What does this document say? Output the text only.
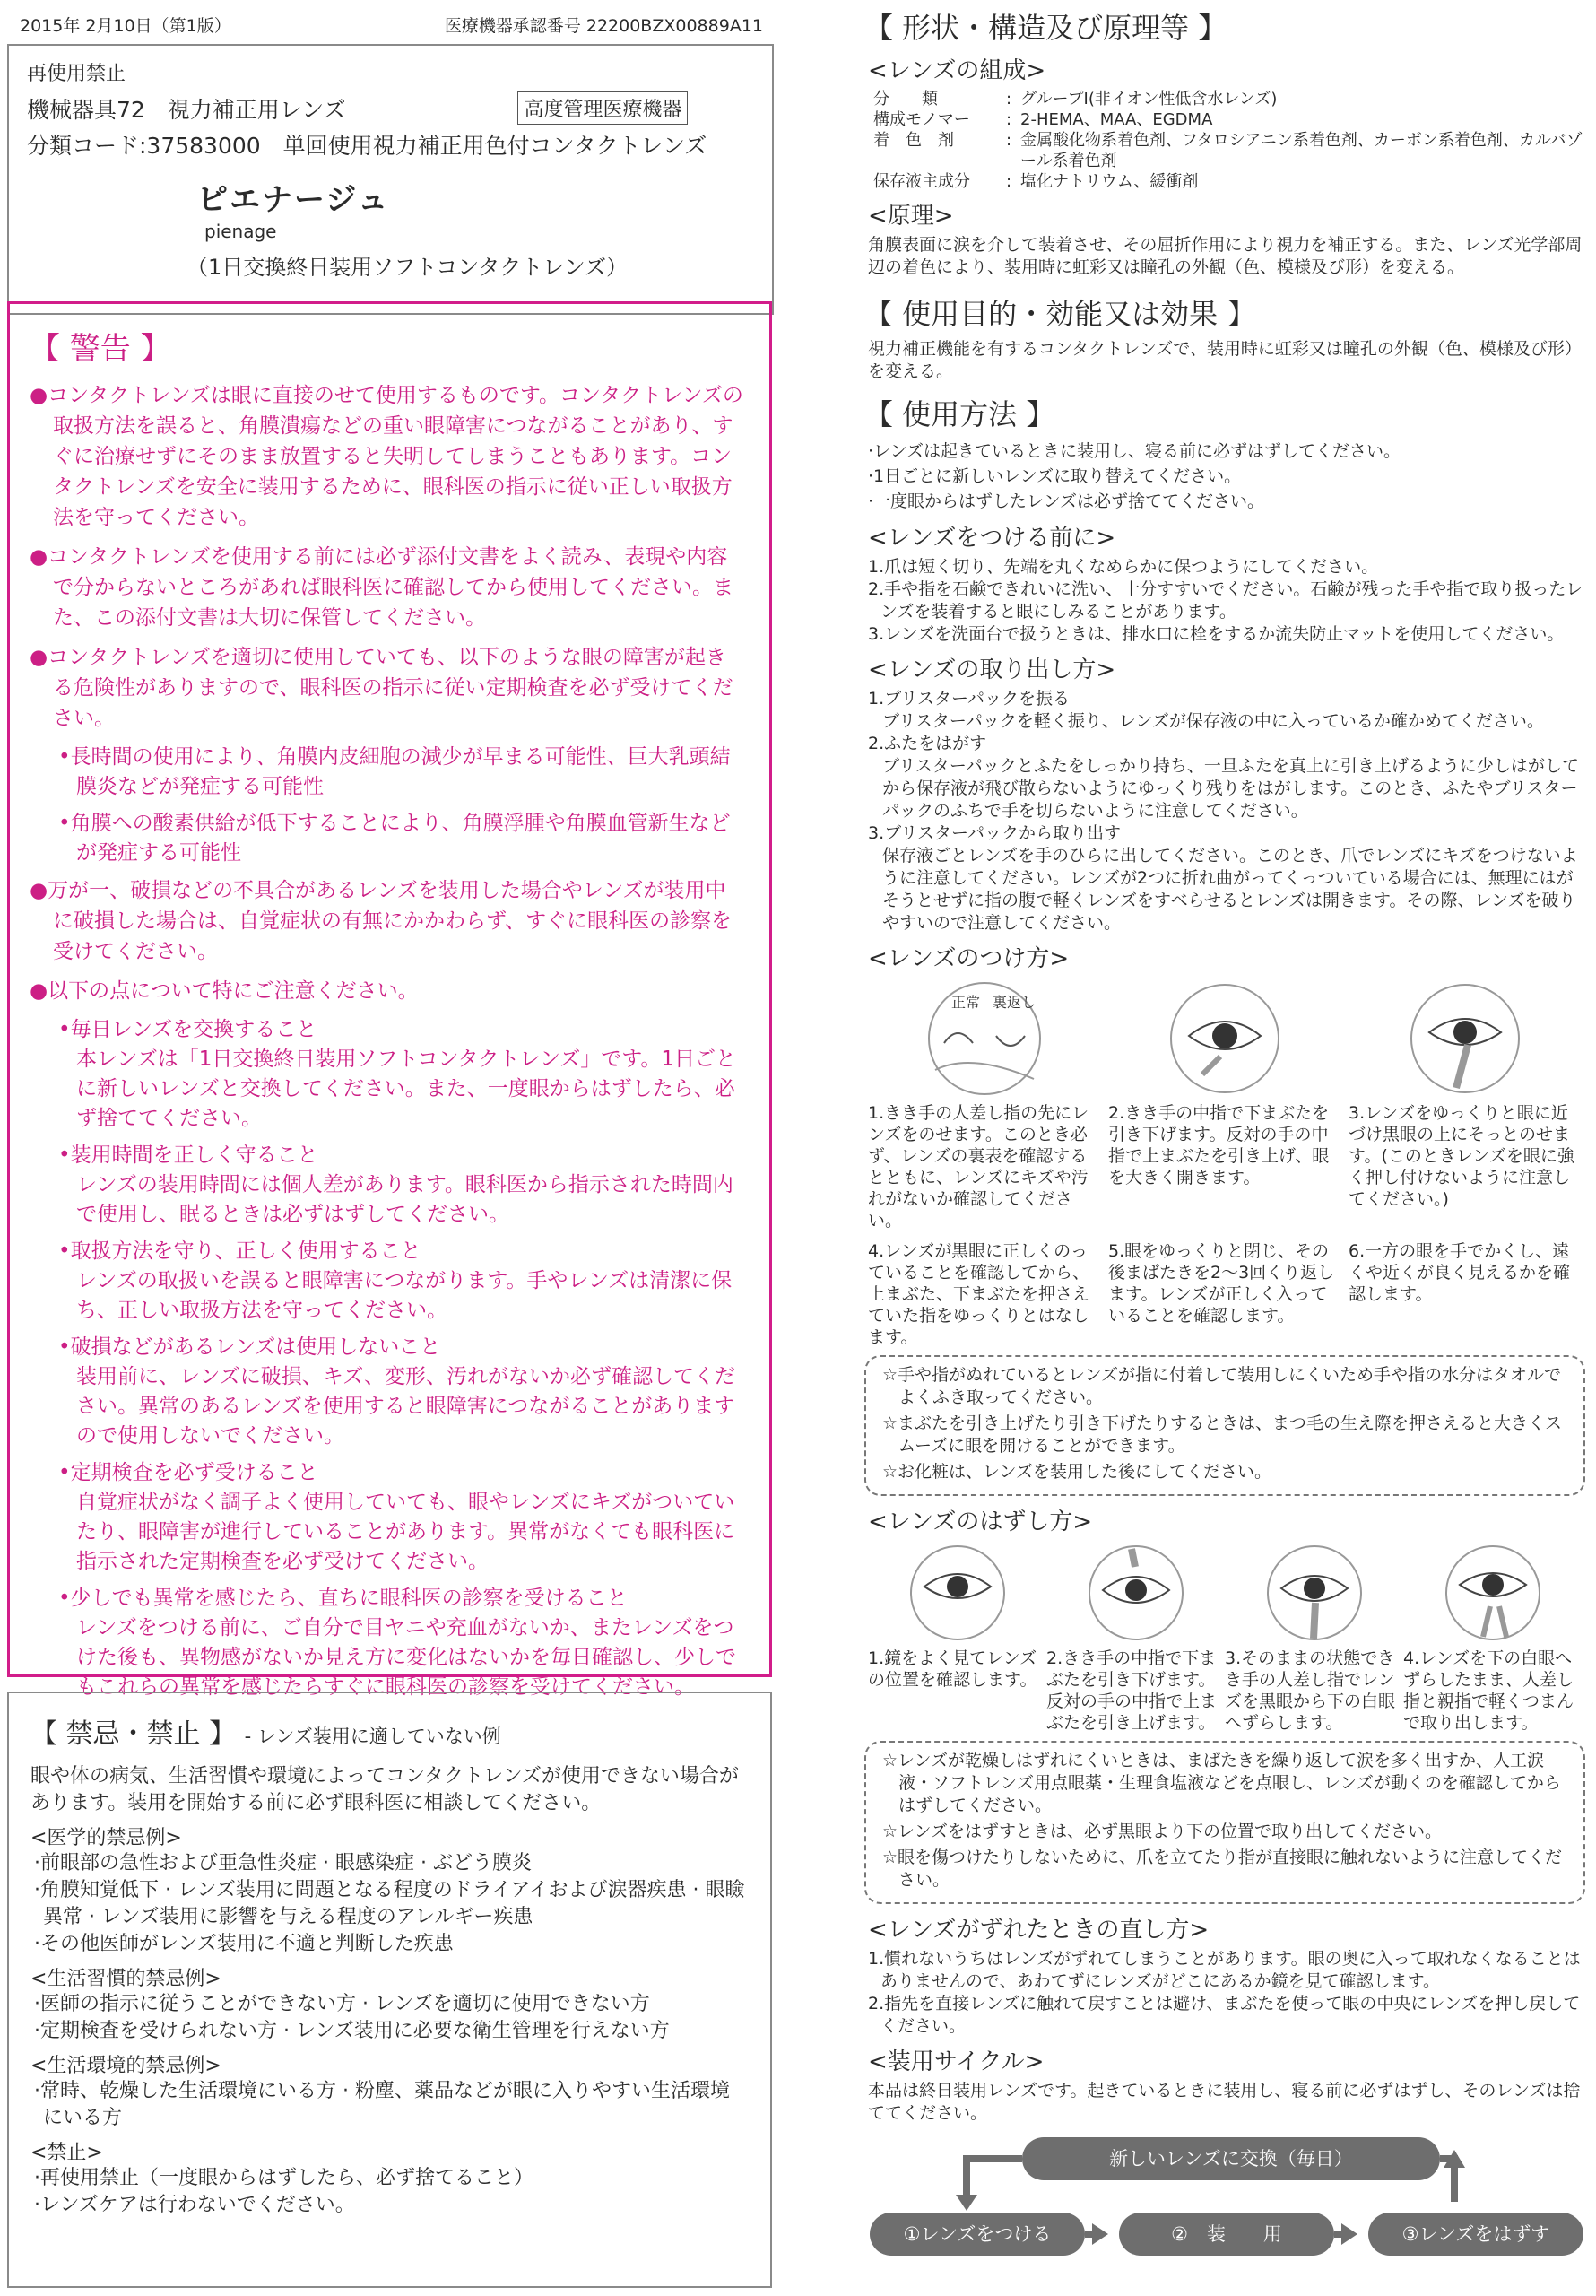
2015年 2月10日（第1版）	医療機器承認番号 22200BZX00889A11
再使用禁止
機械器具72　視力補正用レンズ	高度管理医療機器
分類コード:37583000　単回使用視力補正用色付コンタクトレンズ
ピエナージュ
pienage
（1日交換終日装用ソフトコンタクトレンズ）
【 警告 】
●コンタクトレンズは眼に直接のせて使用するものです。コンタクトレンズの取扱方法を誤ると、角膜潰瘍などの重い眼障害につながることがあり、すぐに治療せずにそのまま放置すると失明してしまうこともあります。コンタクトレンズを安全に装用するために、眼科医の指示に従い正しい取扱方法を守ってください。
●コンタクトレンズを使用する前には必ず添付文書をよく読み、表現や内容で分からないところがあれば眼科医に確認してから使用してください。また、この添付文書は大切に保管してください。
●コンタクトレンズを適切に使用していても、以下のような眼の障害が起きる危険性がありますので、眼科医の指示に従い定期検査を必ず受けてください。
•長時間の使用により、角膜内皮細胞の減少が早まる可能性、巨大乳頭結膜炎などが発症する可能性
•角膜への酸素供給が低下することにより、角膜浮腫や角膜血管新生などが発症する可能性
●万が一、破損などの不具合があるレンズを装用した場合やレンズが装用中に破損した場合は、自覚症状の有無にかかわらず、すぐに眼科医の診察を受けてください。
●以下の点について特にご注意ください。
•毎日レンズを交換すること
本レンズは「1日交換終日装用ソフトコンタクトレンズ」です。1日ごとに新しいレンズと交換してください。また、一度眼からはずしたら、必ず捨ててください。
•装用時間を正しく守ること
レンズの装用時間には個人差があります。眼科医から指示された時間内で使用し、眠るときは必ずはずしてください。
•取扱方法を守り、正しく使用すること
レンズの取扱いを誤ると眼障害につながります。手やレンズは清潔に保ち、正しい取扱方法を守ってください。
•破損などがあるレンズは使用しないこと
装用前に、レンズに破損、キズ、変形、汚れがないか必ず確認してください。異常のあるレンズを使用すると眼障害につながることがありますので使用しないでください。
•定期検査を必ず受けること
自覚症状がなく調子よく使用していても、眼やレンズにキズがついていたり、眼障害が進行していることがあります。異常がなくても眼科医に指示された定期検査を必ず受けてください。
•少しでも異常を感じたら、直ちに眼科医の診察を受けること
レンズをつける前に、ご自分で目ヤニや充血がないか、またレンズをつけた後も、異物感がないか見え方に変化はないかを毎日確認し、少しでもこれらの異常を感じたらすぐに眼科医の診察を受けてください。
【 禁忌・禁止 】 - レンズ装用に適していない例

眼や体の病気、生活習慣や環境によってコンタクトレンズが使用できない場合があります。装用を開始する前に必ず眼科医に相談してください。

<医学的禁忌例>
·前眼部の急性および亜急性炎症 · 眼感染症 · ぶどう膜炎
·角膜知覚低下 · レンズ装用に問題となる程度のドライアイおよび涙器疾患 · 眼瞼異常 · レンズ装用に影響を与える程度のアレルギー疾患
·その他医師がレンズ装用に不適と判断した疾患
<生活習慣的禁忌例>
·医師の指示に従うことができない方 · レンズを適切に使用できない方
·定期検査を受けられない方 · レンズ装用に必要な衛生管理を行えない方
<生活環境的禁忌例>
·常時、乾燥した生活環境にいる方 · 粉塵、薬品などが眼に入りやすい生活環境にいる方
<禁止>
·再使用禁止（一度眼からはずしたら、必ず捨てること）
·レンズケアは行わないでください。
【 形状・構造及び原理等 】
<レンズの組成>
分　　類	: グループⅠ(非イオン性低含水レンズ)
構成モノマー	: 2-HEMA、MAA、EGDMA
着　色　剤	: 金属酸化物系着色剤、フタロシアニン系着色剤、カーボン系着色剤、カルバゾール系着色剤
保存液主成分	: 塩化ナトリウム、緩衝剤
<原理>
角膜表面に涙を介して装着させ、その屈折作用により視力を補正する。また、レンズ光学部周辺の着色により、装用時に虹彩又は瞳孔の外観（色、模様及び形）を変える。
【 使用目的・効能又は効果 】
視力補正機能を有するコンタクトレンズで、装用時に虹彩又は瞳孔の外観（色、模様及び形）を変える。
【 使用方法 】
·レンズは起きているときに装用し、寝る前に必ずはずしてください。
·1日ごとに新しいレンズに取り替えてください。
·一度眼からはずしたレンズは必ず捨ててください。
<レンズをつける前に>
1.爪は短く切り、先端を丸くなめらかに保つようにしてください。
2.手や指を石鹸できれいに洗い、十分すすいでください。石鹸が残った手や指で取り扱ったレンズを装着すると眼にしみることがあります。
3.レンズを洗面台で扱うときは、排水口に栓をするか流失防止マットを使用してください。
<レンズの取り出し方>
1.ブリスターパックを振る
ブリスターパックを軽く振り、レンズが保存液の中に入っているか確かめてください。
2.ふたをはがす
ブリスターパックとふたをしっかり持ち、一旦ふたを真上に引き上げるように少しはがしてから保存液が飛び散らないようにゆっくり残りをはがします。このとき、ふたやブリスターパックのふちで手を切らないように注意してください。
3.ブリスターパックから取り出す
保存液ごとレンズを手のひらに出してください。このとき、爪でレンズにキズをつけないように注意してください。レンズが2つに折れ曲がってくっついている場合には、無理にはがそうとせずに指の腹で軽くレンズをすべらせるとレンズは開きます。その際、レンズを破りやすいので注意してください。
<レンズのつけ方>
正常 裏返し
1.きき手の人差し指の先にレンズをのせます。このとき必ず、レンズの裏表を確認するとともに、レンズにキズや汚れがないか確認してください。
2.きき手の中指で下まぶたを引き下げます。反対の手の中指で上まぶたを引き上げ、眼を大きく開きます。
3.レンズをゆっくりと眼に近づけ黒眼の上にそっとのせます。(このときレンズを眼に強く押し付けないように注意してください。)
4.レンズが黒眼に正しくのっていることを確認してから、上まぶた、下まぶたを押さえていた指をゆっくりとはなします。
5.眼をゆっくりと閉じ、その後まばたきを2～3回くり返します。レンズが正しく入っていることを確認します。
6.一方の眼を手でかくし、遠くや近くが良く見えるかを確認します。
☆手や指がぬれているとレンズが指に付着して装用しにくいため手や指の水分はタオルでよくふき取ってください。
☆まぶたを引き上げたり引き下げたりするときは、まつ毛の生え際を押さえると大きくスムーズに眼を開けることができます。
☆お化粧は、レンズを装用した後にしてください。
<レンズのはずし方>
1.鏡をよく見てレンズの位置を確認します。
2.きき手の中指で下まぶたを引き下げます。反対の手の中指で上まぶたを引き上げます。
3.そのままの状態できき手の人差し指でレンズを黒眼から下の白眼へずらします。
4.レンズを下の白眼へずらしたまま、人差し指と親指で軽くつまんで取り出します。
☆レンズが乾燥しはずれにくいときは、まばたきを繰り返して涙を多く出すか、人工涙液・ソフトレンズ用点眼薬・生理食塩液などを点眼し、レンズが動くのを確認してからはずしてください。
☆レンズをはずすときは、必ず黒眼より下の位置で取り出してください。
☆眼を傷つけたりしないために、爪を立てたり指が直接眼に触れないように注意してください。
<レンズがずれたときの直し方>
1.慣れないうちはレンズがずれてしまうことがあります。眼の奥に入って取れなくなることはありませんので、あわてずにレンズがどこにあるか鏡を見て確認します。
2.指先を直接レンズに触れて戻すことは避け、まぶたを使って眼の中央にレンズを押し戻してください。
<装用サイクル>
本品は終日装用レンズです。起きているときに装用し、寝る前に必ずはずし、そのレンズは捨ててください。
新しいレンズに交換（毎日）
①レンズをつける	②　装　　用	③レンズをはずす
